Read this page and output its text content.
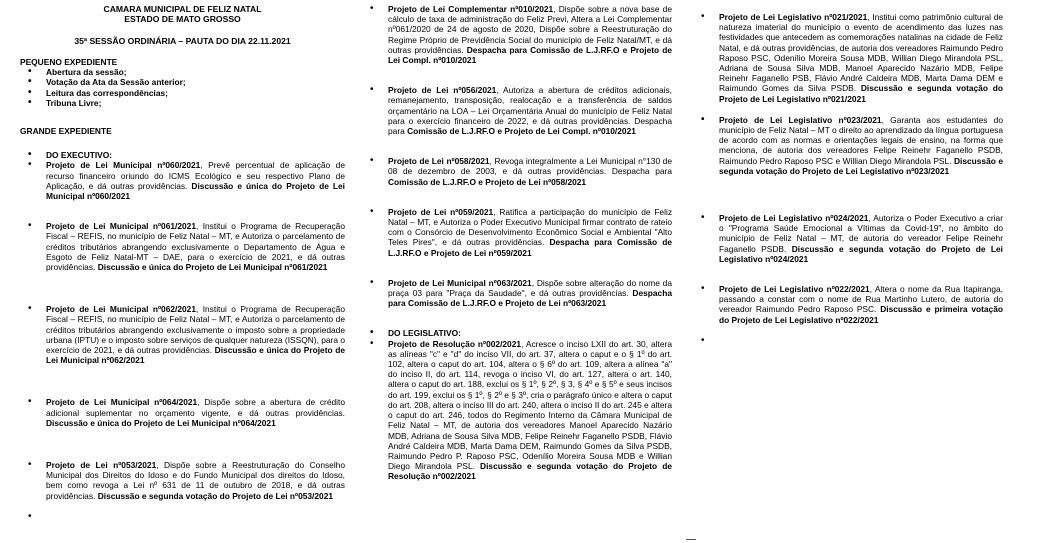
CAMARA MUNICIPAL DE FELIZ NATAL
ESTADO DE MATO GROSSO
35ª SESSÃO ORDINÁRIA – PAUTA DO DIA 22.11.2021
PEQUENO EXPEDIENTE
• Abertura da sessão;
• Votação da Ata da Sessão anterior;
• Leitura das correspondências;
• Tribuna Livre;
GRANDE EXPEDIENTE
• DO EXECUTIVO:
• Projeto de Lei Municipal nº060/2021, Prevê percentual de aplicação de recurso financeiro oriundo do ICMS Ecológico e seu respectivo Plano de Aplicação, e dá outras providências. Discussão e única do Projeto de Lei Municipal nº060/2021
• Projeto de Lei Municipal nº061/2021, Institui o Programa de Recuperação Fiscal – REFIS, no município de Feliz Natal – MT, e Autoriza o parcelamento de créditos tributários abrangendo exclusivamente o Departamento de Água e Esgoto de Feliz Natal-MT – DAE, para o exercício de 2021, e dá outras providências. Discussão e única do Projeto de Lei Municipal nº061/2021
• Projeto de Lei Municipal nº062/2021, Institui o Programa de Recuperação Fiscal – REFIS, no município de Feliz Natal – MT, e Autoriza o parcelamento de créditos tributários abrangendo exclusivamente o imposto sobre a propriedade urbana (IPTU) e o imposto sobre serviços de qualquer natureza (ISSQN), para o exercício de 2021, e dá outras providências. Discussão e única do Projeto de Lei Municipal nº062/2021
• Projeto de Lei Municipal nº064/2021, Dispõe sobre a abertura de crédito adicional suplementar no orçamento vigente, e dá outras providências. Discussão e única do Projeto de Lei Municipal nº064/2021
• Projeto de Lei nº053/2021, Dispõe sobre a Reestruturação do Conselho Municipal dos Direitos do Idoso e do Fundo Municipal dos direitos do Idoso, bem como revoga a Lei nº 631 de 11 de outubro de 2018, e dá outras providências. Discussão e segunda votação do Projeto de Lei nº053/2021
• Projeto de Lei Complementar nº010/2021, Dispõe sobre a nova base de cálculo de taxa de administração do Feliz Previ, Altera a Lei Complementar nº061/2020 de 24 de agosto de 2020, Dispõe sobre a Reestruturação do Regime Próprio de Previdência Social do município de Feliz Natal/MT, e dá outras providências. Despacha para Comissão de L.J.RF.O e Projeto de Lei Compl. nº010/2021
• Projeto de Lei nº056/2021, Autoriza a abertura de créditos adicionais, remanejamento, transposição, realocação e a transferência de saldos orçamentário na LOA – Lei Orçamentária Anual do município de Feliz Natal para o exercício financeiro de 2022, e dá outras providências. Despacha para Comissão de L.J.RF.O e Projeto de Lei Compl. nº010/2021
• Projeto de Lei nº058/2021, Revoga integralmente a Lei Municipal n°130 de 08 de dezembro de 2003, e dá outras providências. Despacha para Comissão de L.J.RF.O e Projeto de Lei nº058/2021
• Projeto de Lei nº059/2021, Ratifica a participação do município de Feliz Natal – MT, e Autoriza o Poder Executivo Municipal firmar contrato de rateio com o Consórcio de Desenvolvimento Econômico Social e Ambiental "Alto Teles Pires", e dá outras providências. Despacha para Comissão de L.J.RF.O e Projeto de Lei nº059/2021
• Projeto de Lei Municipal nº063/2021, Dispõe sobre alteração do nome da praça 03 para "Praça da Saudade", e dá outras providências. Despacha para Comissão de L.J.RF.O e Projeto de Lei nº063/2021
• DO LEGISLATIVO:
• Projeto de Resolução nº002/2021, Acresce o inciso LXII do art. 30, altera as alíneas "c" e "d" do inciso VII, do art. 37, altera o caput e o § 1º do art. 102, altera o caput do art. 104, altera o § 6º do art. 109, altera a alínea "a" do inciso II, do art. 114, revoga o inciso VI, do art. 127, altera o art. 140, altera o caput do art. 188, exclui os § 1º, § 2º, § 3, § 4º e § 5º e seus incisos do art. 199, exclui os § 1º, § 2º e § 3º, cria o parágrafo único e altera o caput do art. 208, altera o inciso III do art. 240, altera o inciso II do art. 245 e altera o caput do art. 246, todos do Regimento Interno da Câmara Municipal de Feliz Natal – MT, de autoria dos vereadores Manoel Aparecido Nazário MDB, Adriana de Sousa Silva MDB, Felipe Reinehr Faganello PSDB, Flávio André Caldeira MDB, Marta Dama DEM, Raimundo Gomes da Silva PSDB, Raimundo Pedro P. Raposo PSC, Odenílio Moreira Sousa MDB e Willian Diego Mirandola PSL. Discussão e segunda votação do Projeto de Resolução nº002/2021
• Projeto de Lei Legislativo nº021/2021, Institui como patrimônio cultural de natureza imaterial do município o evento de acendimento das luzes nas festividades que antecedem as comemorações natalinas na cidade de Feliz Natal, e dá outras providências, de autoria dos vereadores Raimundo Pedro Raposo PSC, Odenílio Moreira Sousa MDB, Willian Diego Mirandola PSL, Adriana de Sousa Silva MDB, Manoel Aparecido Nazário MDB, Felipe Reinehr Faganello PSB, Flávio André Caldeira MDB, Marta Dama DEM e Raimundo Gomes da Silva PSDB. Discussão e segunda votação do Projeto de Lei Legislativo nº021/2021
• Projeto de Lei Legislativo nº023/2021, Garanta aos estudantes do município de Feliz Natal – MT o direito ao aprendizado da língua portuguesa de acordo com as normas e orientações legais de ensino, na forma que menciona, de autoria dos vereadores Felipe Reinehr Faganello PSDB, Raimundo Pedro Raposo PSC e Willian Diego Mirandola PSL. Discussão e segunda votação do Projeto de Lei Legislativo nº023/2021
• Projeto de Lei Legislativo nº024/2021, Autoriza o Poder Executivo a criar o "Programa Saúde Emocional a Vítimas da Covid-19", no âmbito do município de Feliz Natal – MT, de autoria do vereador Felipe Reinehr Faganello PSDB. Discussão e segunda votação do Projeto de Lei Legislativo nº024/2021
• Projeto de Lei Legislativo nº022/2021, Altera o nome da Rua Itapiranga, passando a constar com o nome de Rua Martinho Lutero, de autoria do vereador Raimundo Pedro Raposo PSC. Discussão e primeira votação do Projeto de Lei Legislativo nº022/2021
